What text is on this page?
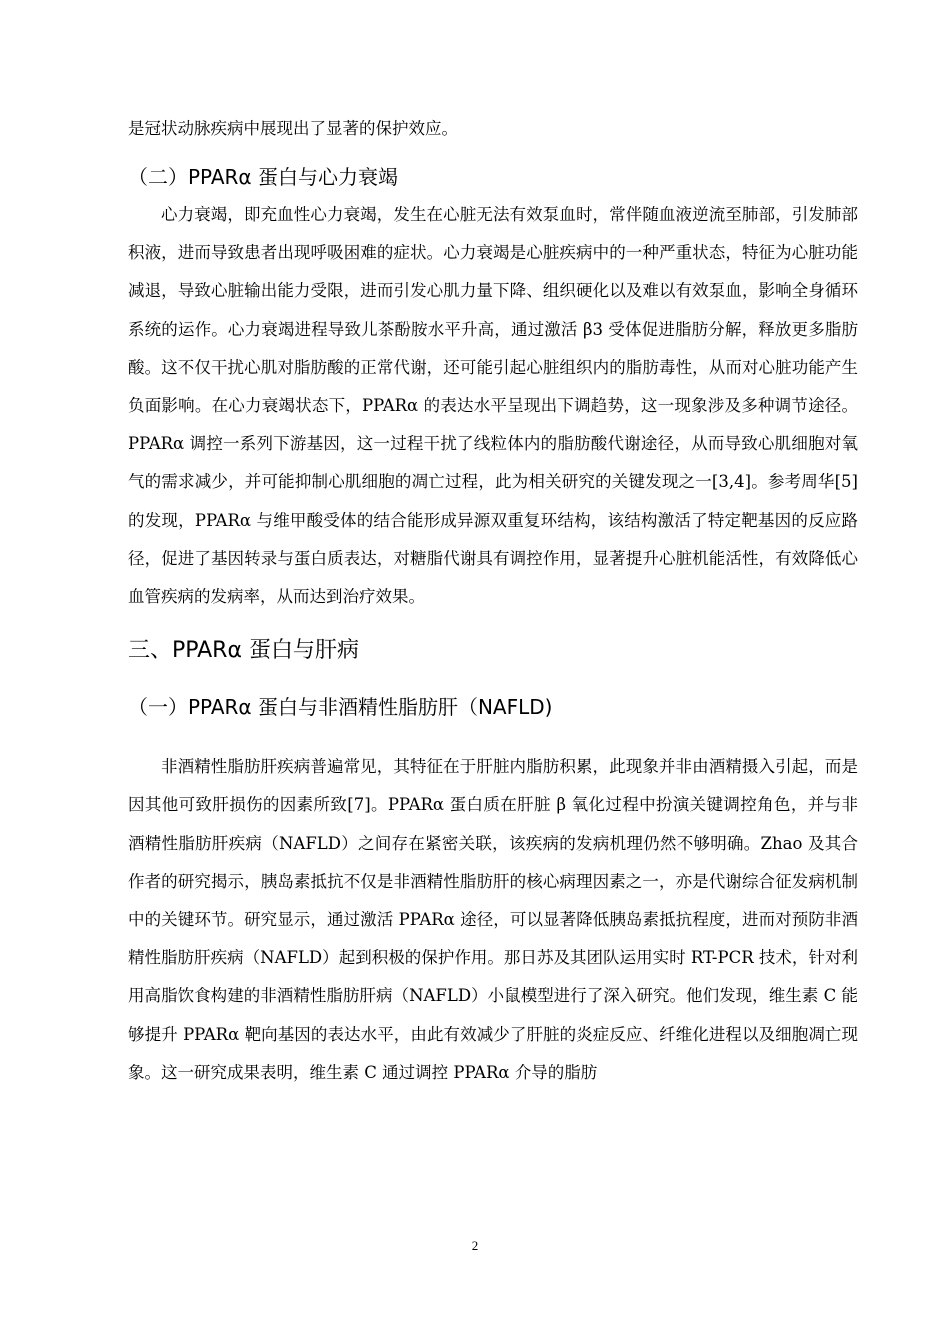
是冠状动脉疾病中展现出了显著的保护效应。

（二）PPARα 蛋白与心力衰竭

心力衰竭，即充血性心力衰竭，发生在心脏无法有效泵血时，常伴随血液逆流至肺部，引发肺部积液，进而导致患者出现呼吸困难的症状。心力衰竭是心脏疾病中的一种严重状态，特征为心脏功能减退，导致心脏输出能力受限，进而引发心肌力量下降、组织硬化以及难以有效泵血，影响全身循环系统的运作。心力衰竭进程导致儿茶酚胺水平升高，通过激活 β3 受体促进脂肪分解，释放更多脂肪酸。这不仅干扰心肌对脂肪酸的正常代谢，还可能引起心脏组织内的脂肪毒性，从而对心脏功能产生负面影响。在心力衰竭状态下，PPARα 的表达水平呈现出下调趋势，这一现象涉及多种调节途径。PPARα 调控一系列下游基因，这一过程干扰了线粒体内的脂肪酸代谢途径，从而导致心肌细胞对氧气的需求减少，并可能抑制心肌细胞的凋亡过程，此为相关研究的关键发现之一[3,4]。参考周华[5]的发现，PPARα 与维甲酸受体的结合能形成异源双重复环结构，该结构激活了特定靶基因的反应路径，促进了基因转录与蛋白质表达，对糖脂代谢具有调控作用，显著提升心脏机能活性，有效降低心血管疾病的发病率，从而达到治疗效果。

三、PPARα 蛋白与肝病
（一）PPARα 蛋白与非酒精性脂肪肝（NAFLD)

非酒精性脂肪肝疾病普遍常见，其特征在于肝脏内脂肪积累，此现象并非由酒精摄入引起，而是因其他可致肝损伤的因素所致[7]。PPARα 蛋白质在肝脏 β 氧化过程中扮演关键调控角色，并与非酒精性脂肪肝疾病（NAFLD）之间存在紧密关联，该疾病的发病机理仍然不够明确。Zhao 及其合作者的研究揭示，胰岛素抵抗不仅是非酒精性脂肪肝的核心病理因素之一，亦是代谢综合征发病机制中的关键环节。研究显示，通过激活 PPARα 途径，可以显著降低胰岛素抵抗程度，进而对预防非酒精性脂肪肝疾病（NAFLD）起到积极的保护作用。那日苏及其团队运用实时 RT-PCR 技术，针对利用高脂饮食构建的非酒精性脂肪肝病（NAFLD）小鼠模型进行了深入研究。他们发现，维生素 C 能够提升 PPARα 靶向基因的表达水平，由此有效减少了肝脏的炎症反应、纤维化进程以及细胞凋亡现象。这一研究成果表明，维生素 C 通过调控 PPARα 介导的脂肪

2
